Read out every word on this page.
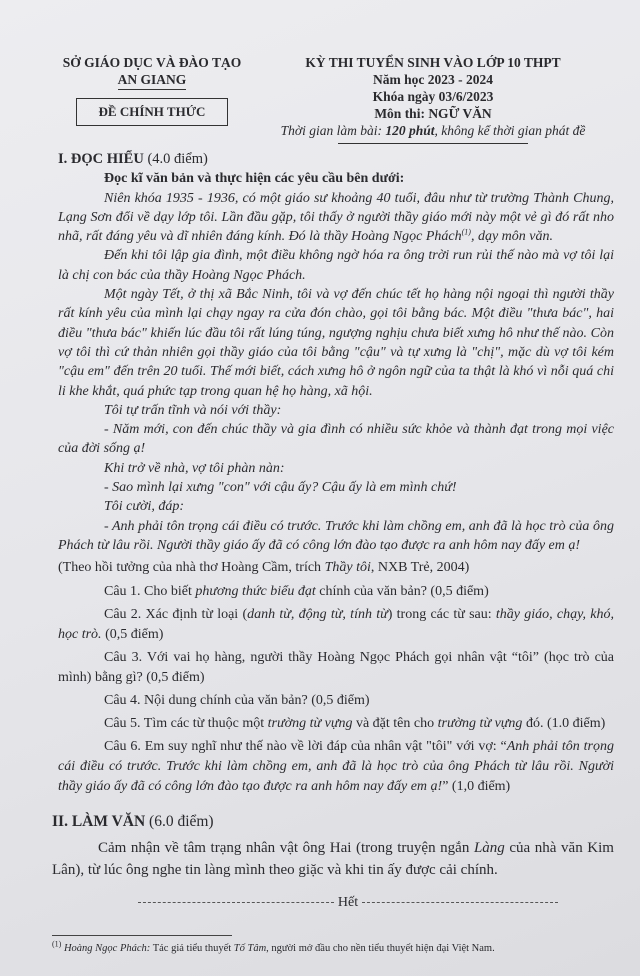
SỞ GIÁO DỤC VÀ ĐÀO TẠO
AN GIANG
ĐỀ CHÍNH THỨC
KỲ THI TUYỂN SINH VÀO LỚP 10 THPT
Năm học 2023 - 2024
Khóa ngày 03/6/2023
Môn thi: NGỮ VĂN
Thời gian làm bài: 120 phút, không kể thời gian phát đề

I. ĐỌC HIỂU (4.0 điểm)

Đọc kĩ văn bản và thực hiện các yêu cầu bên dưới:

Niên khóa 1935 - 1936, có một giáo sư khoảng 40 tuổi, đâu như từ trường Thành Chung, Lạng Sơn đổi về dạy lớp tôi. Lần đầu gặp, tôi thấy ở người thầy giáo mới này một vẻ gì đó rất nho nhã, rất đáng yêu và dĩ nhiên đáng kính. Đó là thầy Hoàng Ngọc Phách$^{(1)}$, dạy môn văn.

Đến khi tôi lập gia đình, một điều không ngờ hóa ra ông trời run rủi thế nào mà vợ tôi lại là chị con bác của thầy Hoàng Ngọc Phách.

Một ngày Tết, ở thị xã Bắc Ninh, tôi và vợ đến chúc tết họ hàng nội ngoại thì người thầy rất kính yêu của mình lại chạy ngay ra cửa đón chào, gọi tôi bằng bác. Một điều "thưa bác", hai điều "thưa bác" khiến lúc đầu tôi rất lúng túng, ngượng nghịu chưa biết xưng hô như thế nào. Còn vợ tôi thì cứ thản nhiên gọi thầy giáo của tôi bằng "cậu" và tự xưng là "chị", mặc dù vợ tôi kém "cậu em" đến trên 20 tuổi. Thế mới biết, cách xưng hô ở ngôn ngữ của ta thật là khó vì nỗi quá chi li khe khắt, quá phức tạp trong quan hệ họ hàng, xã hội.

Tôi tự trấn tĩnh và nói với thầy:

- Năm mới, con đến chúc thầy và gia đình có nhiều sức khỏe và thành đạt trong mọi việc của đời sống ạ!

Khi trở về nhà, vợ tôi phàn nàn:

- Sao mình lại xưng "con" với cậu ấy? Cậu ấy là em mình chứ!

Tôi cười, đáp:

- Anh phải tôn trọng cái điều có trước. Trước khi làm chồng em, anh đã là học trò của ông Phách từ lâu rồi. Người thầy giáo ấy đã có công lớn đào tạo được ra anh hôm nay đấy em ạ!

(Theo hồi tưởng của nhà thơ Hoàng Cầm, trích Thầy tôi, NXB Trẻ, 2004)

Câu 1. Cho biết phương thức biểu đạt chính của văn bản? (0,5 điểm)

Câu 2. Xác định từ loại (danh từ, động từ, tính từ) trong các từ sau: thầy giáo, chạy, khó, học trò. (0,5 điểm)

Câu 3. Với vai họ hàng, người thầy Hoàng Ngọc Phách gọi nhân vật “tôi” (học trò của mình) bằng gì? (0,5 điểm)

Câu 4. Nội dung chính của văn bản? (0,5 điểm)

Câu 5. Tìm các từ thuộc một trường từ vựng và đặt tên cho trường từ vựng đó. (1.0 điểm)

Câu 6. Em suy nghĩ như thế nào về lời đáp của nhân vật "tôi" với vợ: “Anh phải tôn trọng cái điều có trước. Trước khi làm chồng em, anh đã là học trò của ông Phách từ lâu rồi. Người thầy giáo ấy đã có công lớn đào tạo được ra anh hôm nay đấy em ạ!” (1,0 điểm)

II. LÀM VĂN (6.0 điểm)

Cảm nhận về tâm trạng nhân vật ông Hai (trong truyện ngắn Làng của nhà văn Kim Lân), từ lúc ông nghe tin làng mình theo giặc và khi tin ấy được cải chính.

Hết
$^{(1)}$ Hoàng Ngọc Phách: Tác giả tiểu thuyết Tố Tâm, người mở đầu cho nền tiểu thuyết hiện đại Việt Nam.
